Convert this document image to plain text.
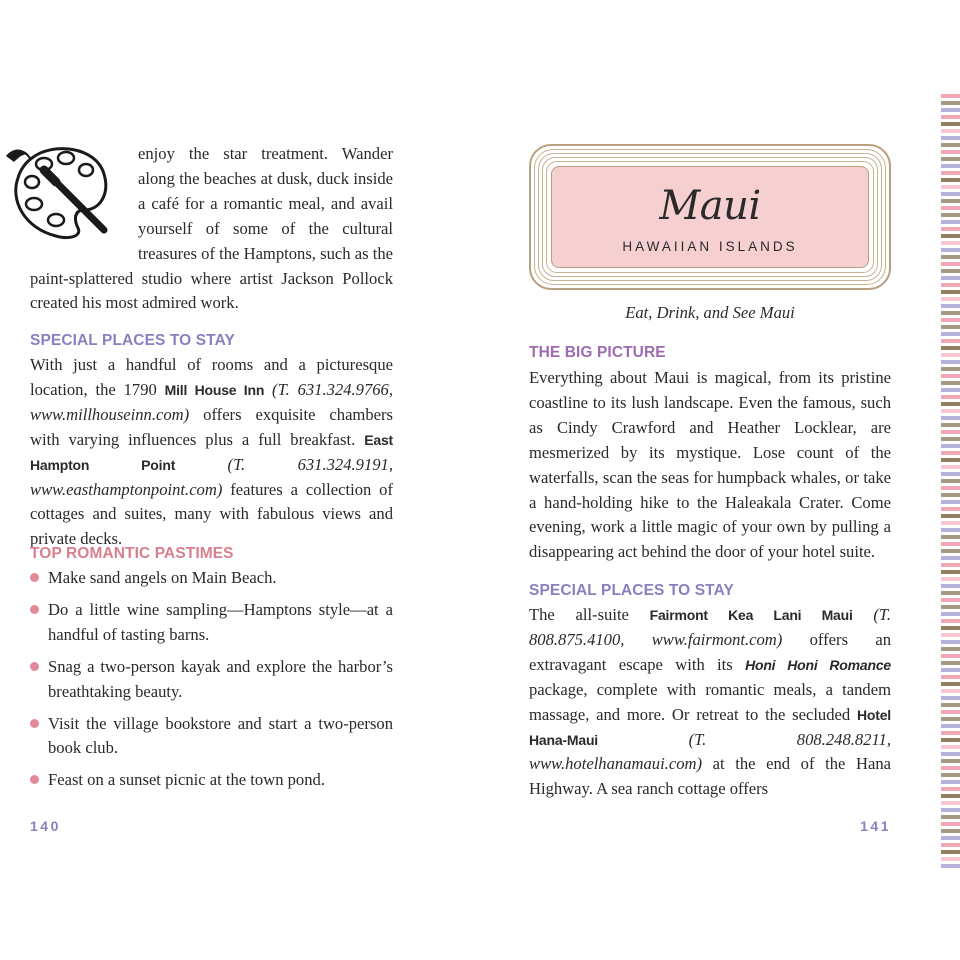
enjoy the star treatment. Wander along the beaches at dusk, duck inside a café for a romantic meal, and avail yourself of some of the cultural treasures of the Hamptons, such as the paint-splattered studio where artist Jackson Pollock created his most admired work.

SPECIAL PLACES TO STAY

With just a handful of rooms and a picturesque location, the 1790 Mill House Inn (T. 631.324.9766, www.millhouseinn.com) offers exquisite chambers with varying influences plus a full breakfast. East Hampton Point (T. 631.324.9191, www.easthamptonpoint.com) features a collection of cottages and suites, many with fabulous views and private decks.

TOP ROMANTIC PASTIMES
Make sand angels on Main Beach.
Do a little wine sampling—Hamptons style—at a handful of tasting barns.
Snag a two-person kayak and explore the harbor’s breathtaking beauty.
Visit the village bookstore and start a two-person book club.
Feast on a sunset picnic at the town pond.
140
Maui
HAWAIIAN ISLANDS
Eat, Drink, and See Maui
THE BIG PICTURE

Everything about Maui is magical, from its pristine coastline to its lush landscape. Even the famous, such as Cindy Crawford and Heather Locklear, are mesmerized by its mystique. Lose count of the waterfalls, scan the seas for humpback whales, or take a hand-holding hike to the Haleakala Crater. Come evening, work a little magic of your own by pulling a disappearing act behind the door of your hotel suite.

SPECIAL PLACES TO STAY

The all-suite Fairmont Kea Lani Maui (T. 808.875.4100, www.fairmont.com) offers an extravagant escape with its Honi Honi Romance package, complete with romantic meals, a tandem massage, and more. Or retreat to the secluded Hotel Hana-Maui (T. 808.248.8211, www.hotelhanamaui.com) at the end of the Hana Highway. A sea ranch cottage offers

141
